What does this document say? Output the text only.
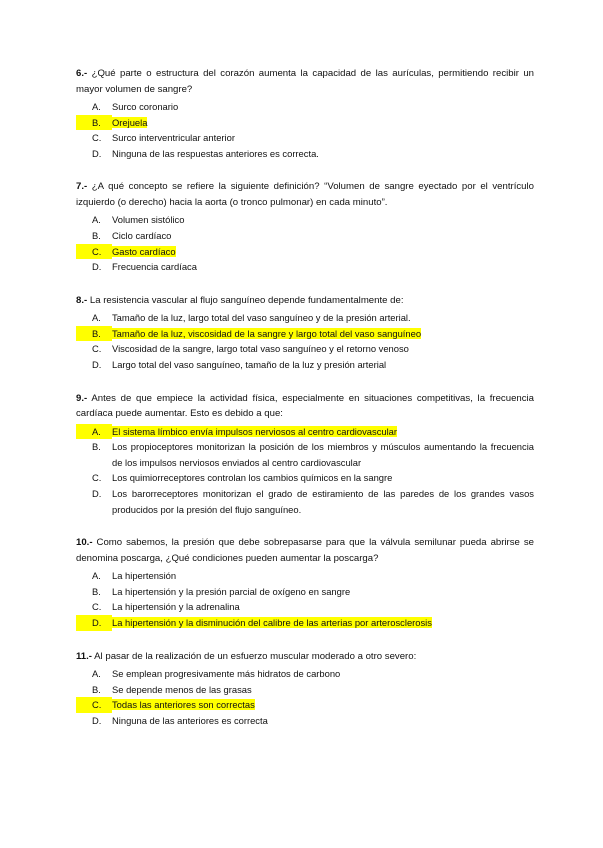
6.- ¿Qué parte o estructura del corazón aumenta la capacidad de las aurículas, permitiendo recibir un mayor volumen de sangre?

A.	Surco coronario
B.	Orejuela
C.	Surco interventricular anterior
D.	Ninguna de las respuestas anteriores es correcta.

7.- ¿A qué concepto se refiere la siguiente definición? “Volumen de sangre eyectado por el ventrículo izquierdo (o derecho) hacia la aorta (o tronco pulmonar) en cada minuto”.

A.	Volumen sistólico
B.	Ciclo cardíaco
C.	Gasto cardíaco
D.	Frecuencia cardíaca

8.- La resistencia vascular al flujo sanguíneo depende fundamentalmente de:

A.	Tamaño de la luz, largo total del vaso sanguíneo y de la presión arterial.
B.	Tamaño de la luz, viscosidad de la sangre y largo total del vaso sanguíneo
C.	Viscosidad de la sangre, largo total vaso sanguíneo y el retorno venoso
D.	Largo total del vaso sanguíneo, tamaño de la luz y presión arterial

9.- Antes de que empiece la actividad física, especialmente en situaciones competitivas, la frecuencia cardíaca puede aumentar. Esto es debido a que:

A.	El sistema límbico envía impulsos nerviosos al centro cardiovascular
B.	Los propioceptores monitorizan la posición de los miembros y músculos aumentando la frecuencia de los impulsos nerviosos enviados al centro cardiovascular
C.	Los quimiorreceptores controlan los cambios químicos en la sangre
D.	Los barorreceptores monitorizan el grado de estiramiento de las paredes de los grandes vasos producidos por la presión del flujo sanguíneo.

10.- Como sabemos, la presión que debe sobrepasarse para que la válvula semilunar pueda abrirse se denomina poscarga, ¿Qué condiciones pueden aumentar la poscarga?

A.	La hipertensión
B.	La hipertensión y la presión parcial de oxígeno en sangre
C.	La hipertensión y la adrenalina
D.	La hipertensión y la disminución del calibre de las arterias por arterosclerosis

11.- Al pasar de la realización de un esfuerzo muscular moderado a otro severo:

A.	Se emplean progresivamente más hidratos de carbono
B.	Se depende menos de las grasas
C.	Todas las anteriores son correctas
D.	Ninguna de las anteriores es correcta
